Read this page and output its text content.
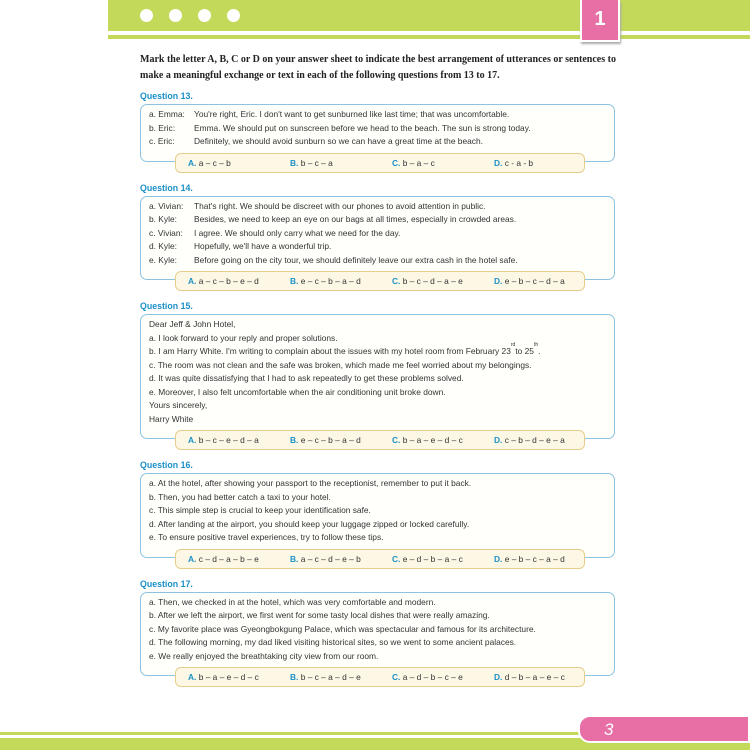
1
Mark the letter A, B, C or D on your answer sheet to indicate the best arrangement of utterances or sentences to make a meaningful exchange or text in each of the following questions from 13 to 17.
Question 13.
a. Emma:	You're right, Eric. I don't want to get sunburned like last time; that was uncomfortable.
b. Eric:	Emma. We should put on sunscreen before we head to the beach. The sun is strong today.
c. Eric:	Definitely, we should avoid sunburn so we can have a great time at the beach.
A. a – c – b	B. b – c – a	C. b – a – c	D. c - a - b
Question 14.
a. Vivian:	That's right. We should be discreet with our phones to avoid attention in public.
b. Kyle:	Besides, we need to keep an eye on our bags at all times, especially in crowded areas.
c. Vivian:	I agree. We should only carry what we need for the day.
d. Kyle:	Hopefully, we'll have a wonderful trip.
e. Kyle:	Before going on the city tour, we should definitely leave our extra cash in the hotel safe.
A. a – c – b – e – d	B. e – c – b – a – d	C. b – c – d – a – e	D. e – b – c – d – a
Question 15.
Dear Jeff & John Hotel,
a. I look forward to your reply and proper solutions.
b. I am Harry White. I'm writing to complain about the issues with my hotel room from February 23
rd
to 25
th
.
c. The room was not clean and the safe was broken, which made me feel worried about my belongings.
d. It was quite dissatisfying that I had to ask repeatedly to get these problems solved.
e. Moreover, I also felt uncomfortable when the air conditioning unit broke down.
Yours sincerely,
Harry White
A. b – c – e – d – a	B. e – c – b – a – d	C. b – a – e – d – c	D. c – b – d – e – a
Question 16.
a. At the hotel, after showing your passport to the receptionist, remember to put it back.
b. Then, you had better catch a taxi to your hotel.
c. This simple step is crucial to keep your identification safe.
d. After landing at the airport, you should keep your luggage zipped or locked carefully.
e. To ensure positive travel experiences, try to follow these tips.
A. c – d – a – b – e	B. a – c – d – e – b	C. e – d – b – a – c	D. e – b – c – a – d
Question 17.
a. Then, we checked in at the hotel, which was very comfortable and modern.
b. After we left the airport, we first went for some tasty local dishes that were really amazing.
c. My favorite place was Gyeongbokgung Palace, which was spectacular and famous for its architecture.
d. The following morning, my dad liked visiting historical sites, so we went to some ancient palaces.
e. We really enjoyed the breathtaking city view from our room.
A. b – a – e – d – c	B. b – c – a – d – e	C. a – d – b – c – e	D. d – b – a – e – c
3
